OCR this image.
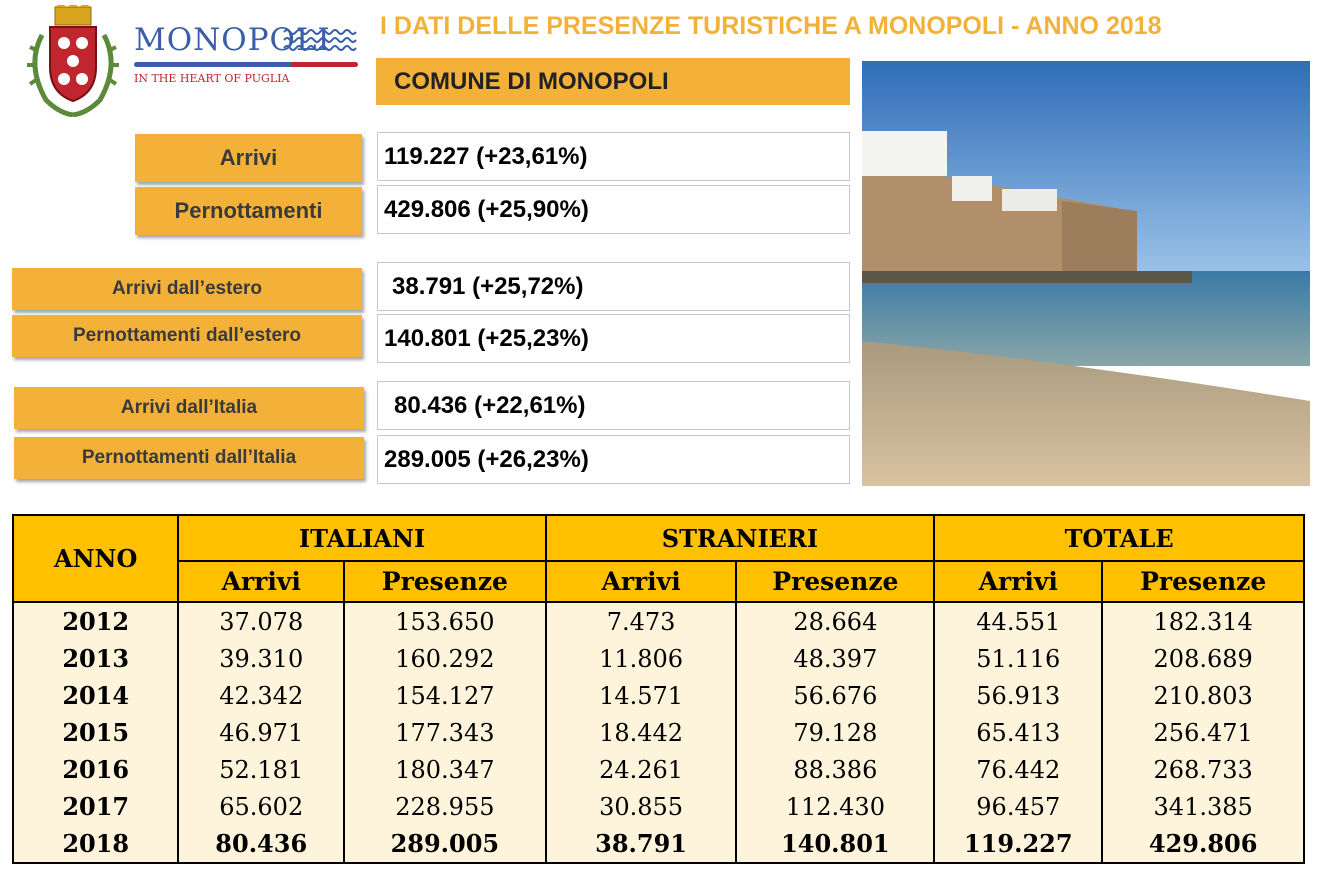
MONOPOLI
IN THE HEART OF PUGLIA
I DATI DELLE PRESENZE TURISTICHE A MONOPOLI - ANNO 2018
COMUNE DI MONOPOLI
Arrivi	119.227 (+23,61%)
Pernottamenti	429.806 (+25,90%)
Arrivi dall’estero	38.791 (+25,72%)
Pernottamenti dall’estero	140.801 (+25,23%)
Arrivi dall’Italia	80.436 (+22,61%)
Pernottamenti dall’Italia	289.005 (+26,23%)
ANNO	ITALIANI		STRANIERI		TOTALE	
	Arrivi	Presenze	Arrivi	Presenze	Arrivi	Presenze
2012	37.078	153.650	7.473	28.664	44.551	182.314
2013	39.310	160.292	11.806	48.397	51.116	208.689
2014	42.342	154.127	14.571	56.676	56.913	210.803
2015	46.971	177.343	18.442	79.128	65.413	256.471
2016	52.181	180.347	24.261	88.386	76.442	268.733
2017	65.602	228.955	30.855	112.430	96.457	341.385
2018	80.436	289.005	38.791	140.801	119.227	429.806
